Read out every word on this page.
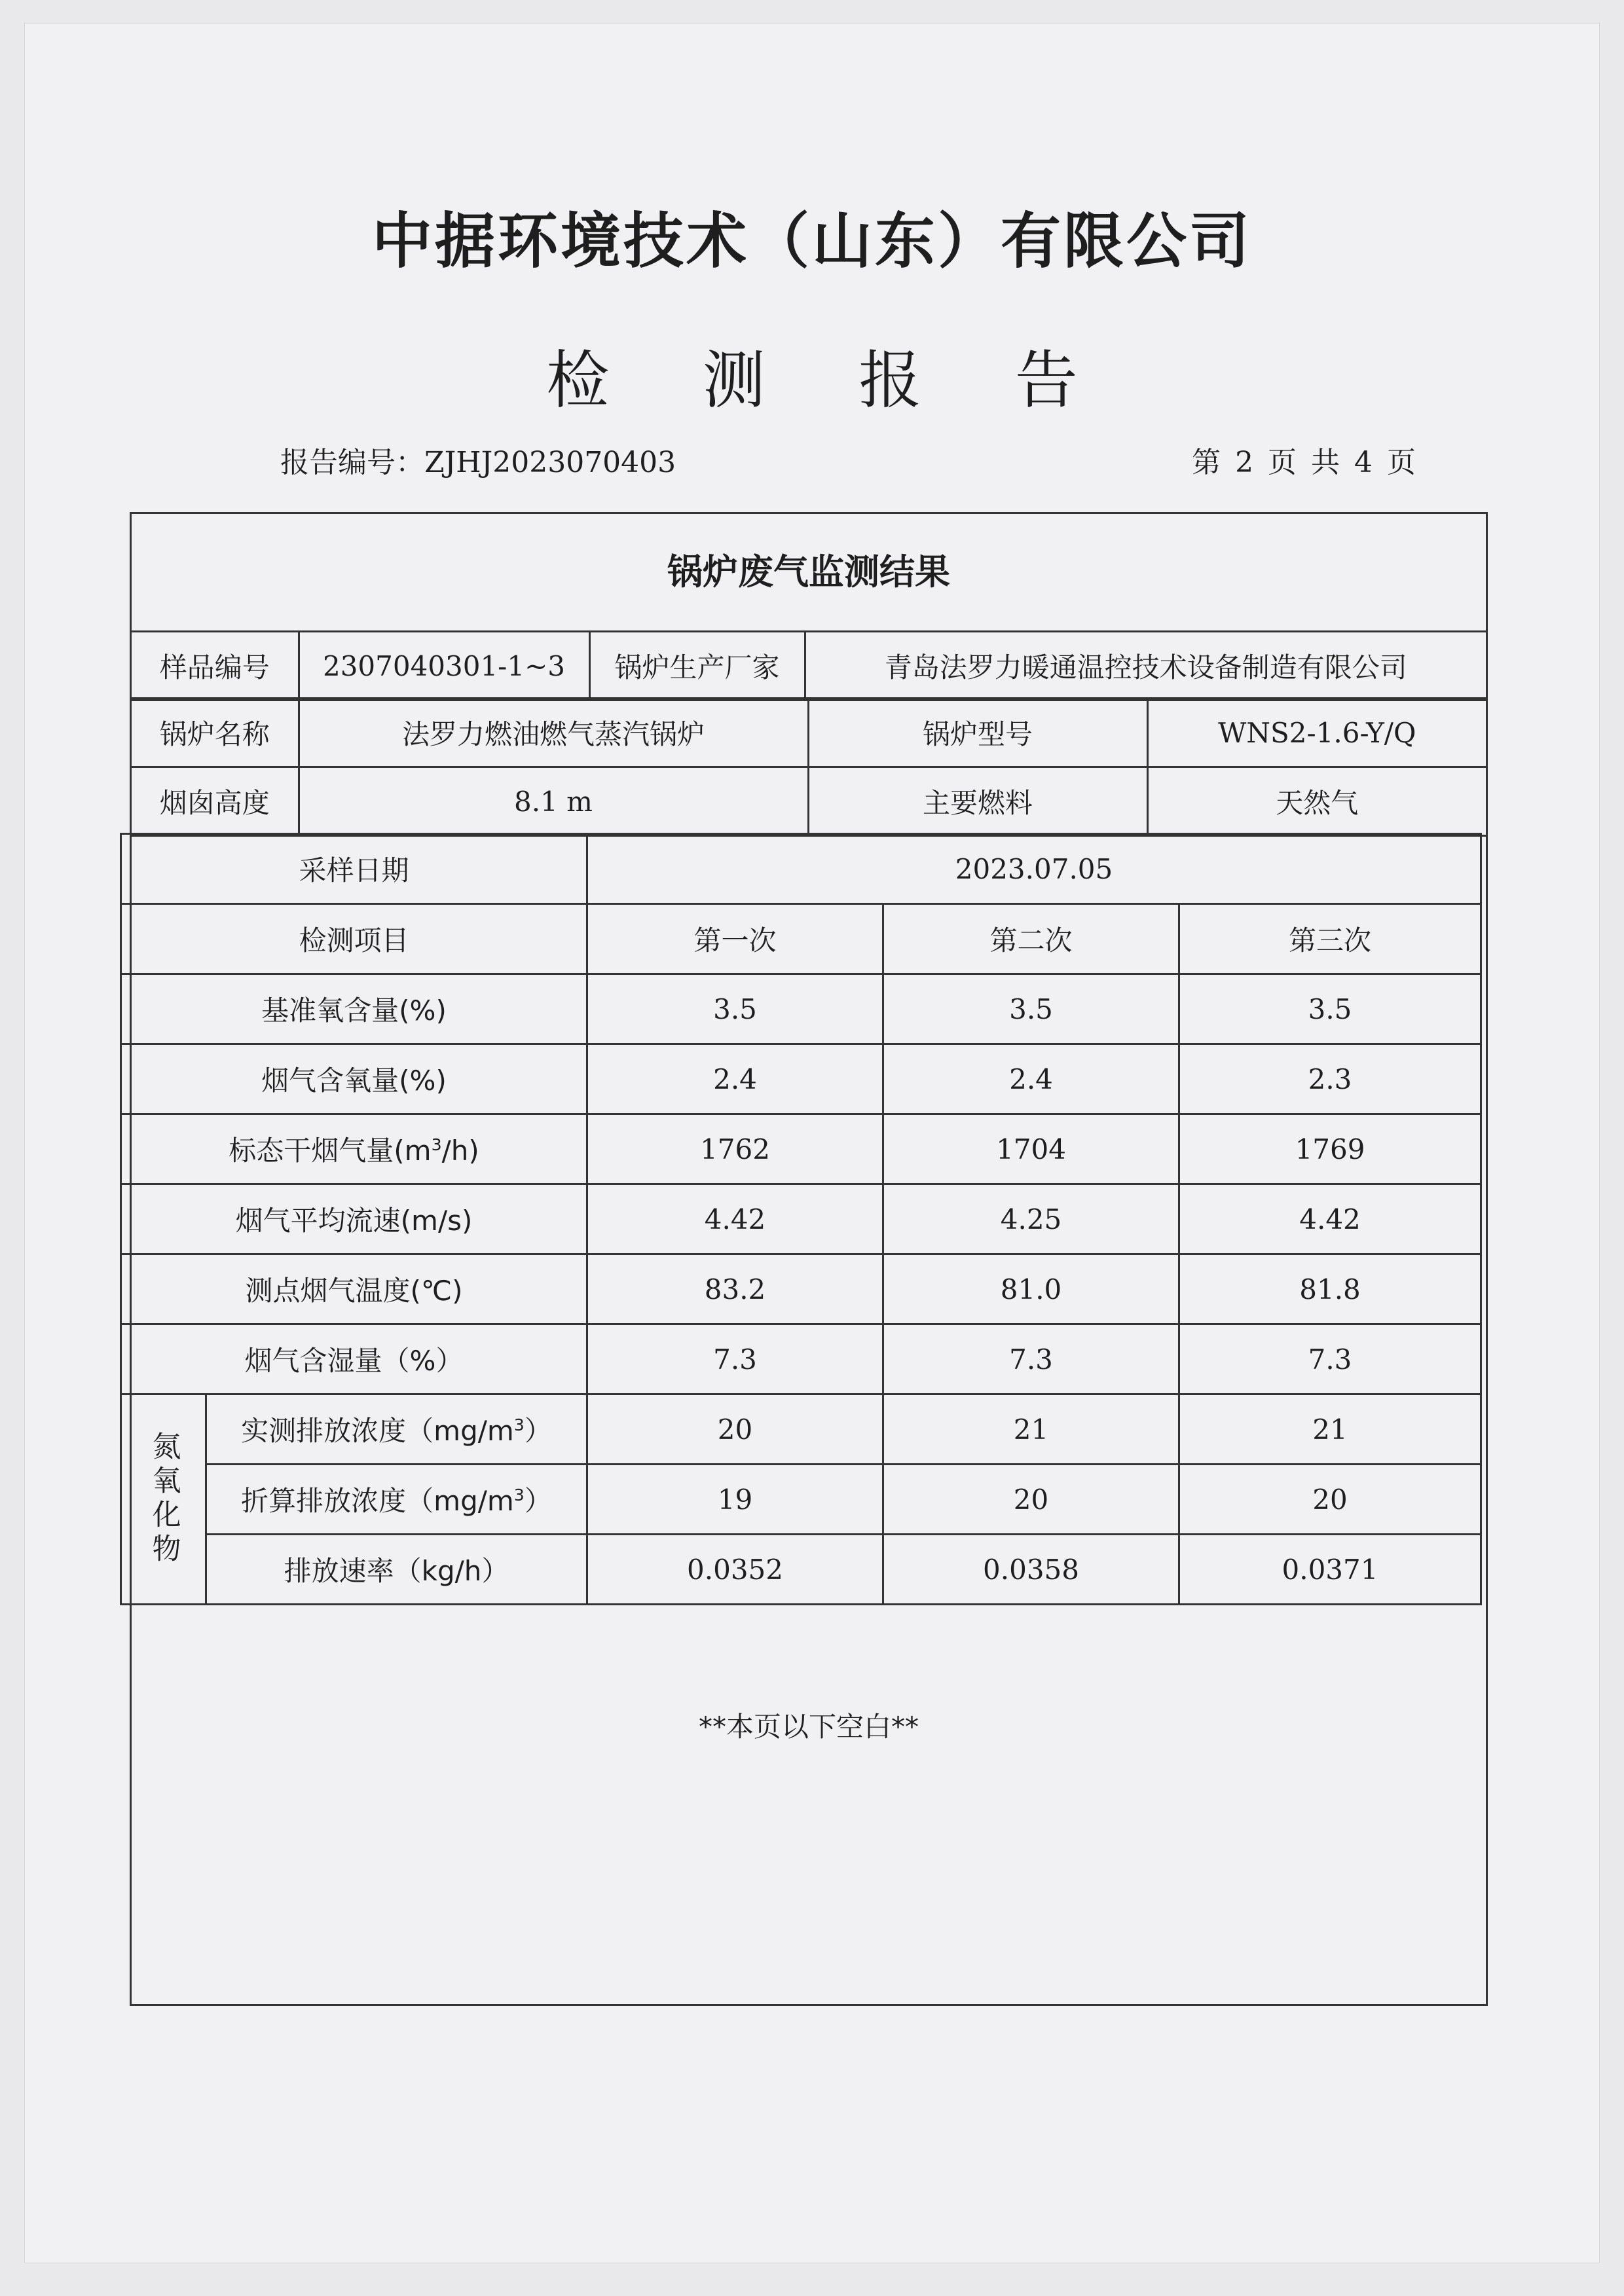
中据环境技术（山东）有限公司
检 测 报 告
报告编号：ZJHJ2023070403	第 2 页 共 4 页
锅炉废气监测结果
样品编号	2307040301-1~3	锅炉生产厂家	青岛法罗力暖通温控技术设备制造有限公司
锅炉名称	法罗力燃油燃气蒸汽锅炉	锅炉型号	WNS2-1.6-Y/Q
烟囱高度	8.1 m	主要燃料	天然气
采样日期		2023.07.05		
检测项目		第一次	第二次	第三次
基准氧含量(%)		3.5	3.5	3.5
烟气含氧量(%)		2.4	2.4	2.3
标态干烟气量$(m^3/h)$		1762	1704	1769
烟气平均流速(m/s)		4.42	4.25	4.42
测点烟气温度(℃)		83.2	81.0	81.8
烟气含湿量（%）		7.3	7.3	7.3
氮氧化物	实测排放浓度$(mg/m^3)$	20	21	21
	折算排放浓度$(mg/m^3)$	19	20	20
	排放速率（kg/h）	0.0352	0.0358	0.0371
**本页以下空白**
